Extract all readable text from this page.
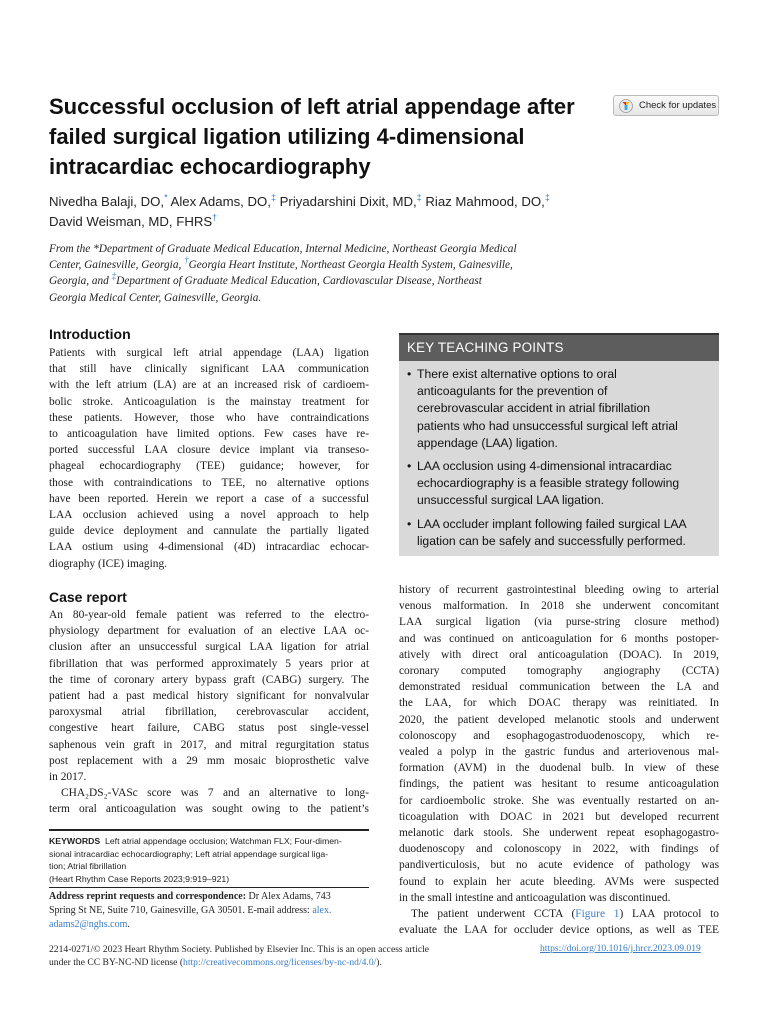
Successful occlusion of left atrial appendage after
failed surgical ligation utilizing 4-dimensional
intracardiac echocardiography
Check for updates
Nivedha Balaji, DO,* Alex Adams, DO,‡ Priyadarshini Dixit, MD,‡ Riaz Mahmood, DO,‡
David Weisman, MD, FHRS†
From the *Department of Graduate Medical Education, Internal Medicine, Northeast Georgia Medical
Center, Gainesville, Georgia, †Georgia Heart Institute, Northeast Georgia Health System, Gainesville,
Georgia, and ‡Department of Graduate Medical Education, Cardiovascular Disease, Northeast
Georgia Medical Center, Gainesville, Georgia.
Introduction
Patients with surgical left atrial appendage (LAA) ligation
that still have clinically significant LAA communication
with the left atrium (LA) are at an increased risk of cardioem-
bolic stroke. Anticoagulation is the mainstay treatment for
these patients. However, those who have contraindications
to anticoagulation have limited options. Few cases have re-
ported successful LAA closure device implant via transeso-
phageal echocardiography (TEE) guidance; however, for
those with contraindications to TEE, no alternative options
have been reported. Herein we report a case of a successful
LAA occlusion achieved using a novel approach to help
guide device deployment and cannulate the partially ligated
LAA ostium using 4-dimensional (4D) intracardiac echocar-
diography (ICE) imaging.
KEY TEACHING POINTS
• There exist alternative options to oral
anticoagulants for the prevention of
cerebrovascular accident in atrial fibrillation
patients who had unsuccessful surgical left atrial
appendage (LAA) ligation.
• LAA occlusion using 4-dimensional intracardiac
echocardiography is a feasible strategy following
unsuccessful surgical LAA ligation.
• LAA occluder implant following failed surgical LAA
ligation can be safely and successfully performed.
Case report
An 80-year-old female patient was referred to the electro-
physiology department for evaluation of an elective LAA oc-
clusion after an unsuccessful surgical LAA ligation for atrial
fibrillation that was performed approximately 5 years prior at
the time of coronary artery bypass graft (CABG) surgery. The
patient had a past medical history significant for nonvalvular
paroxysmal atrial fibrillation, cerebrovascular accident,
congestive heart failure, CABG status post single-vessel
saphenous vein graft in 2017, and mitral regurgitation status
post replacement with a 29 mm mosaic bioprosthetic valve
in 2017.
CHA₂DS₂-VASc score was 7 and an alternative to long-
term oral anticoagulation was sought owing to the patient’s
history of recurrent gastrointestinal bleeding owing to arterial
venous malformation. In 2018 she underwent concomitant
LAA surgical ligation (via purse-string closure method)
and was continued on anticoagulation for 6 months postoper-
atively with direct oral anticoagulation (DOAC). In 2019,
coronary computed tomography angiography (CCTA)
demonstrated residual communication between the LA and
the LAA, for which DOAC therapy was reinitiated. In
2020, the patient developed melanotic stools and underwent
colonoscopy and esophagogastroduodenoscopy, which re-
vealed a polyp in the gastric fundus and arteriovenous mal-
formation (AVM) in the duodenal bulb. In view of these
findings, the patient was hesitant to resume anticoagulation
for cardioembolic stroke. She was eventually restarted on an-
ticoagulation with DOAC in 2021 but developed recurrent
melanotic dark stools. She underwent repeat esophagogastro-
duodenoscopy and colonoscopy in 2022, with findings of
pandiverticulosis, but no acute evidence of pathology was
found to explain her acute bleeding. AVMs were suspected
in the small intestine and anticoagulation was discontinued.
The patient underwent CCTA (Figure 1) LAA protocol to
evaluate the LAA for occluder device options, as well as TEE
KEYWORDS Left atrial appendage occlusion; Watchman FLX; Four-dimen-
sional intracardiac echocardiography; Left atrial appendage surgical liga-
tion; Atrial fibrillation
(Heart Rhythm Case Reports 2023;9:919–921)
Address reprint requests and correspondence: Dr Alex Adams, 743
Spring St NE, Suite 710, Gainesville, GA 30501. E-mail address: alex.
adams2@nghs.com.
2214-0271/© 2023 Heart Rhythm Society. Published by Elsevier Inc. This is an open access article
under the CC BY-NC-ND license (http://creativecommons.org/licenses/by-nc-nd/4.0/).
https://doi.org/10.1016/j.hrcr.2023.09.019
